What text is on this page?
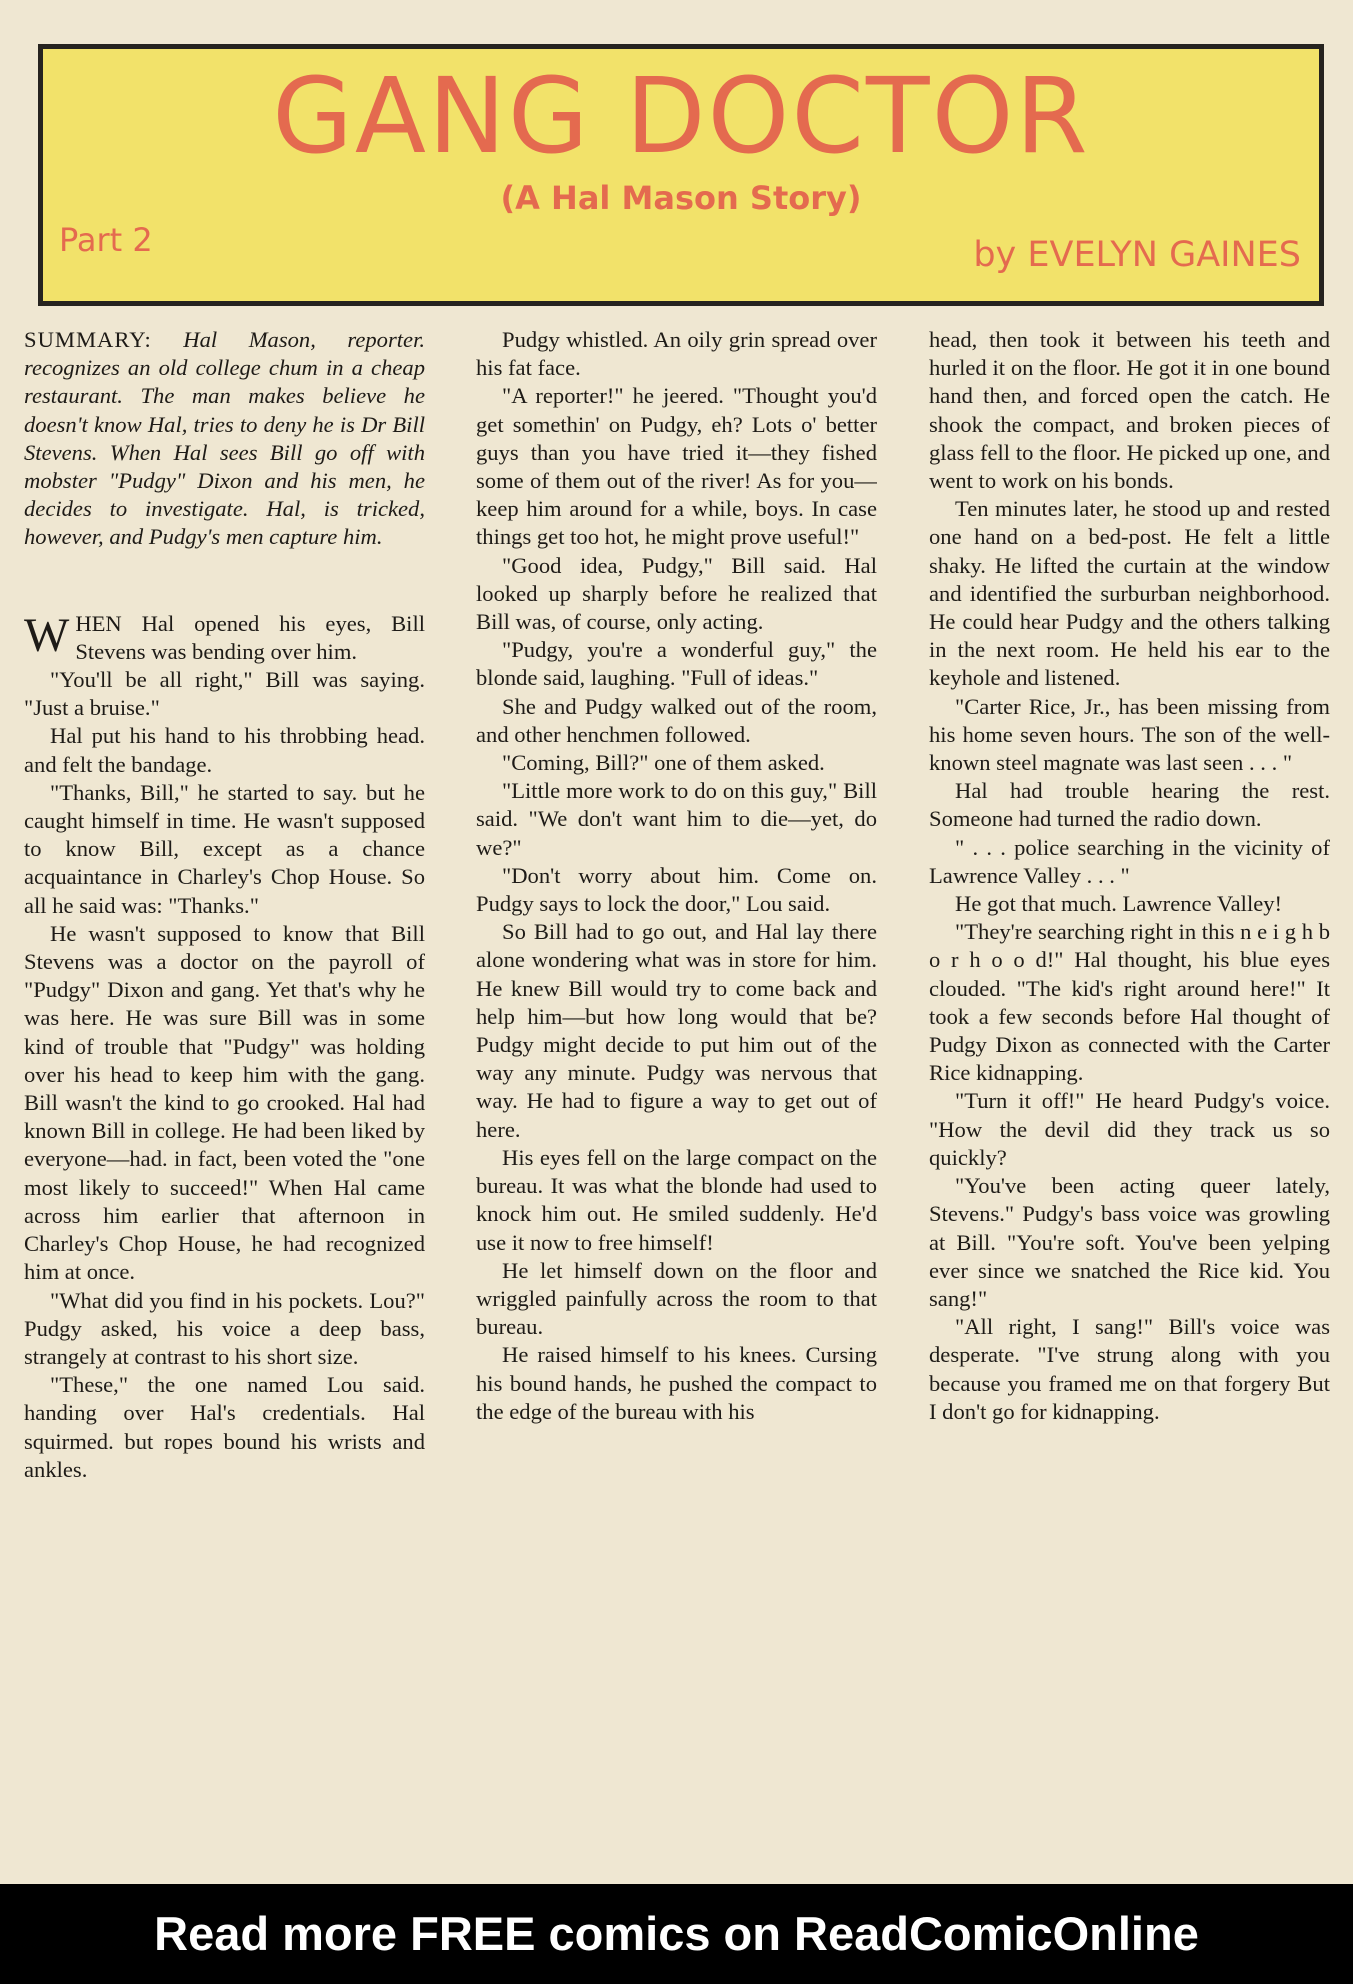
GANG DOCTOR
(A Hal Mason Story)
Part 2	by EVELYN GAINES

SUMMARY: Hal Mason, reporter. recognizes an old college chum in a cheap restaurant. The man makes believe he doesn't know Hal, tries to deny he is Dr Bill Stevens. When Hal sees Bill go off with mobster "Pudgy" Dixon and his men, he decides to investigate. Hal, is tricked, however, and Pudgy's men capture him.

WHEN Hal opened his eyes, Bill Stevens was bending over him.

"You'll be all right," Bill was saying. "Just a bruise."

Hal put his hand to his throbbing head. and felt the bandage.

"Thanks, Bill," he started to say. but he caught himself in time. He wasn't supposed to know Bill, except as a chance acquaintance in Charley's Chop House. So all he said was: "Thanks."

He wasn't supposed to know that Bill Stevens was a doctor on the payroll of "Pudgy" Dixon and gang. Yet that's why he was here. He was sure Bill was in some kind of trouble that "Pudgy" was holding over his head to keep him with the gang. Bill wasn't the kind to go crooked. Hal had known Bill in college. He had been liked by everyone—had. in fact, been voted the "one most likely to succeed!" When Hal came across him earlier that afternoon in Charley's Chop House, he had recognized him at once.

"What did you find in his pockets. Lou?" Pudgy asked, his voice a deep bass, strangely at contrast to his short size.

"These," the one named Lou said. handing over Hal's credentials. Hal squirmed. but ropes bound his wrists and ankles.

Pudgy whistled. An oily grin spread over his fat face.

"A reporter!" he jeered. "Thought you'd get somethin' on Pudgy, eh? Lots o' better guys than you have tried it—they fished some of them out of the river! As for you—keep him around for a while, boys. In case things get too hot, he might prove useful!"

"Good idea, Pudgy," Bill said. Hal looked up sharply before he realized that Bill was, of course, only acting.

"Pudgy, you're a wonderful guy," the blonde said, laughing. "Full of ideas."

She and Pudgy walked out of the room, and other henchmen followed.

"Coming, Bill?" one of them asked.

"Little more work to do on this guy," Bill said. "We don't want him to die—yet, do we?"

"Don't worry about him. Come on. Pudgy says to lock the door," Lou said.

So Bill had to go out, and Hal lay there alone wondering what was in store for him. He knew Bill would try to come back and help him—but how long would that be? Pudgy might decide to put him out of the way any minute. Pudgy was nervous that way. He had to figure a way to get out of here.

His eyes fell on the large compact on the bureau. It was what the blonde had used to knock him out. He smiled suddenly. He'd use it now to free himself!

He let himself down on the floor and wriggled painfully across the room to that bureau.

He raised himself to his knees. Cursing his bound hands, he pushed the compact to the edge of the bureau with his

head, then took it between his teeth and hurled it on the floor. He got it in one bound hand then, and forced open the catch. He shook the compact, and broken pieces of glass fell to the floor. He picked up one, and went to work on his bonds.

Ten minutes later, he stood up and rested one hand on a bed-post. He felt a little shaky. He lifted the curtain at the window and identified the surburban neighborhood. He could hear Pudgy and the others talking in the next room. He held his ear to the keyhole and listened.

"Carter Rice, Jr., has been missing from his home seven hours. The son of the well-known steel magnate was last seen . . . "

Hal had trouble hearing the rest. Someone had turned the radio down.

" . . . police searching in the vicinity of Lawrence Valley . . . "

He got that much. Lawrence Valley!

"They're searching right in this n e i g h b o r h o o d!" Hal thought, his blue eyes clouded. "The kid's right around here!" It took a few seconds before Hal thought of Pudgy Dixon as connected with the Carter Rice kidnapping.

"Turn it off!" He heard Pudgy's voice. "How the devil did they track us so quickly?

"You've been acting queer lately, Stevens." Pudgy's bass voice was growling at Bill. "You're soft. You've been yelping ever since we snatched the Rice kid. You sang!"

"All right, I sang!" Bill's voice was desperate. "I've strung along with you because you framed me on that forgery But I don't go for kidnapping.

Read more FREE comics on ReadComicOnline
